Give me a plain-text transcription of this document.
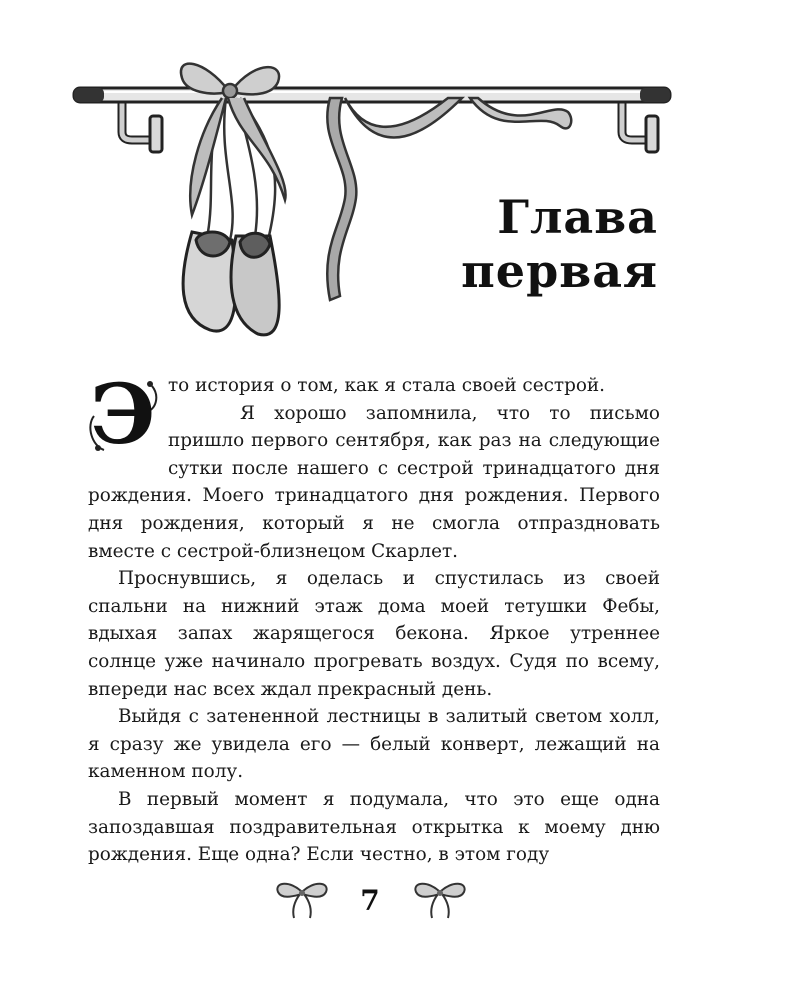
Глава
первая

Э то история о том, как я стала своей сестрой.

Я хорошо запомнила, что то письмо пришло первого сентября, как раз на следующие сутки после нашего с сестрой тринадцатого дня рождения. Моего тринадцатого дня рождения. Первого дня рождения, который я не смогла отпраздновать вместе с сестрой-близнецом Скарлет.

Проснувшись, я оделась и спустилась из своей спальни на нижний этаж дома моей тетушки Фебы, вдыхая запах жарящегося бекона. Яркое утреннее солнце уже начинало прогревать воздух. Судя по всему, впереди нас всех ждал прекрасный день.

Выйдя с затененной лестницы в залитый светом холл, я сразу же увидела его — белый конверт, лежащий на каменном полу.

В первый момент я подумала, что это еще одна запоздавшая поздравительная открытка к моему дню рождения. Еще одна? Если честно, в этом году

7
